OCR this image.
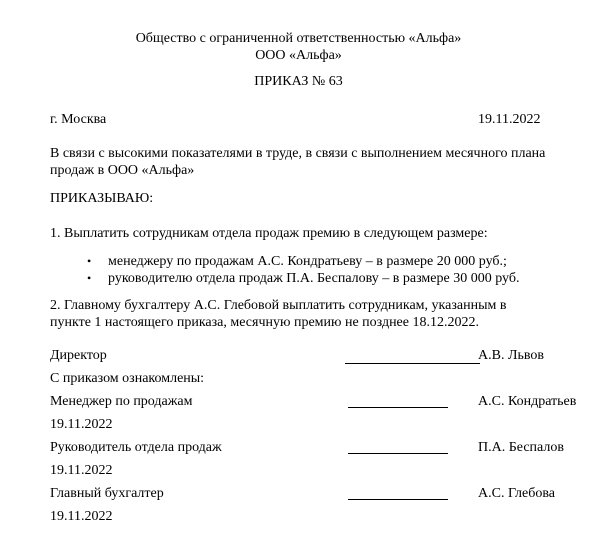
Общество с ограниченной ответственностью «Альфа»
ООО «Альфа»
ПРИКАЗ № 63
г. Москва	19.11.2022
В связи с высокими показателями в труде, в связи с выполнением месячного плана продаж в ООО «Альфа»
ПРИКАЗЫВАЮ:
1. Выплатить сотрудникам отдела продаж премию в следующем размере:
• менеджеру по продажам А.С. Кондратьеву – в размере 20 000 руб.;
• руководителю отдела продаж П.А. Беспалову – в размере 30 000 руб.
2. Главному бухгалтеру А.С. Глебовой выплатить сотрудникам, указанным в пункте 1 настоящего приказа, месячную премию не позднее 18.12.2022.
Директор	А.В. Львов
С приказом ознакомлены:
Менеджер по продажам	А.С. Кондратьев
19.11.2022
Руководитель отдела продаж	П.А. Беспалов
19.11.2022
Главный бухгалтер	А.С. Глебова
19.11.2022
